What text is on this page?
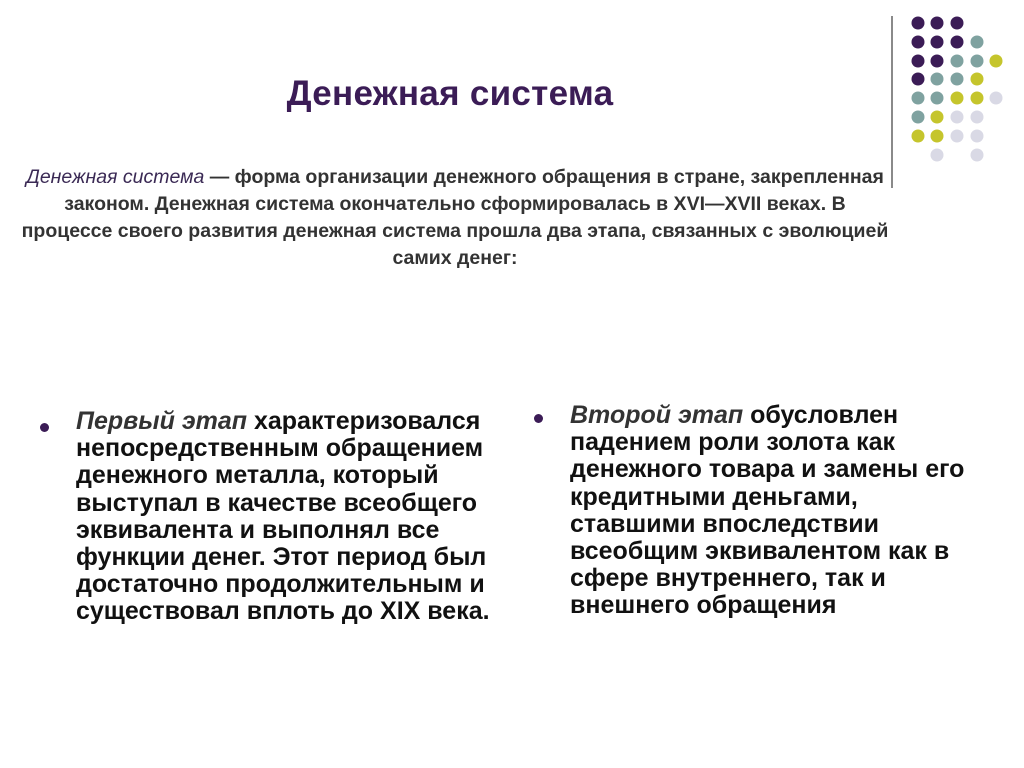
Денежная система
Денежная система — форма организации денежного обращения в стране, закрепленная законом. Денежная система окончательно сформировалась в XVI—XVII веках. В процессе своего развития денежная система прошла два этапа, связанных с эволюцией самих денег:
Первый этап характеризовался непосредственным обращением денежного металла, который выступал в качестве всеобщего эквивалента и выполнял все функции денег. Этот период был достаточно продолжительным и существовал вплоть до XIX века.
Второй этап обусловлен падением роли золота как денежного товара и замены его кредитными деньгами, ставшими впоследствии всеобщим эквивалентом как в сфере внутреннего, так и внешнего обращения
